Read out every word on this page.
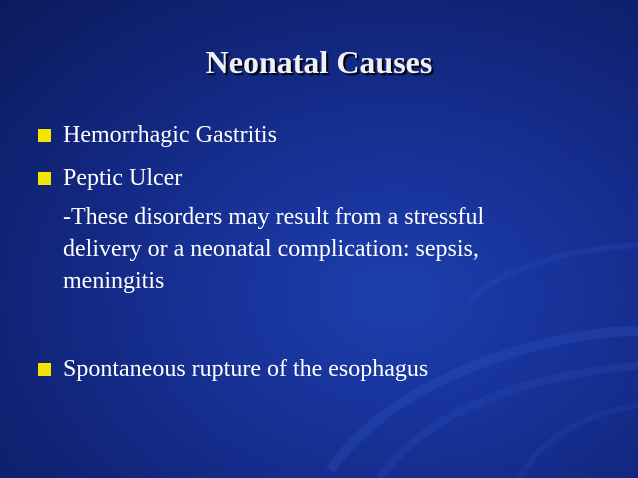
Neonatal Causes
Hemorrhagic Gastritis
Peptic Ulcer
-These disorders may result from a stressful
delivery or a neonatal complication: sepsis,
meningitis
Spontaneous rupture of the esophagus
